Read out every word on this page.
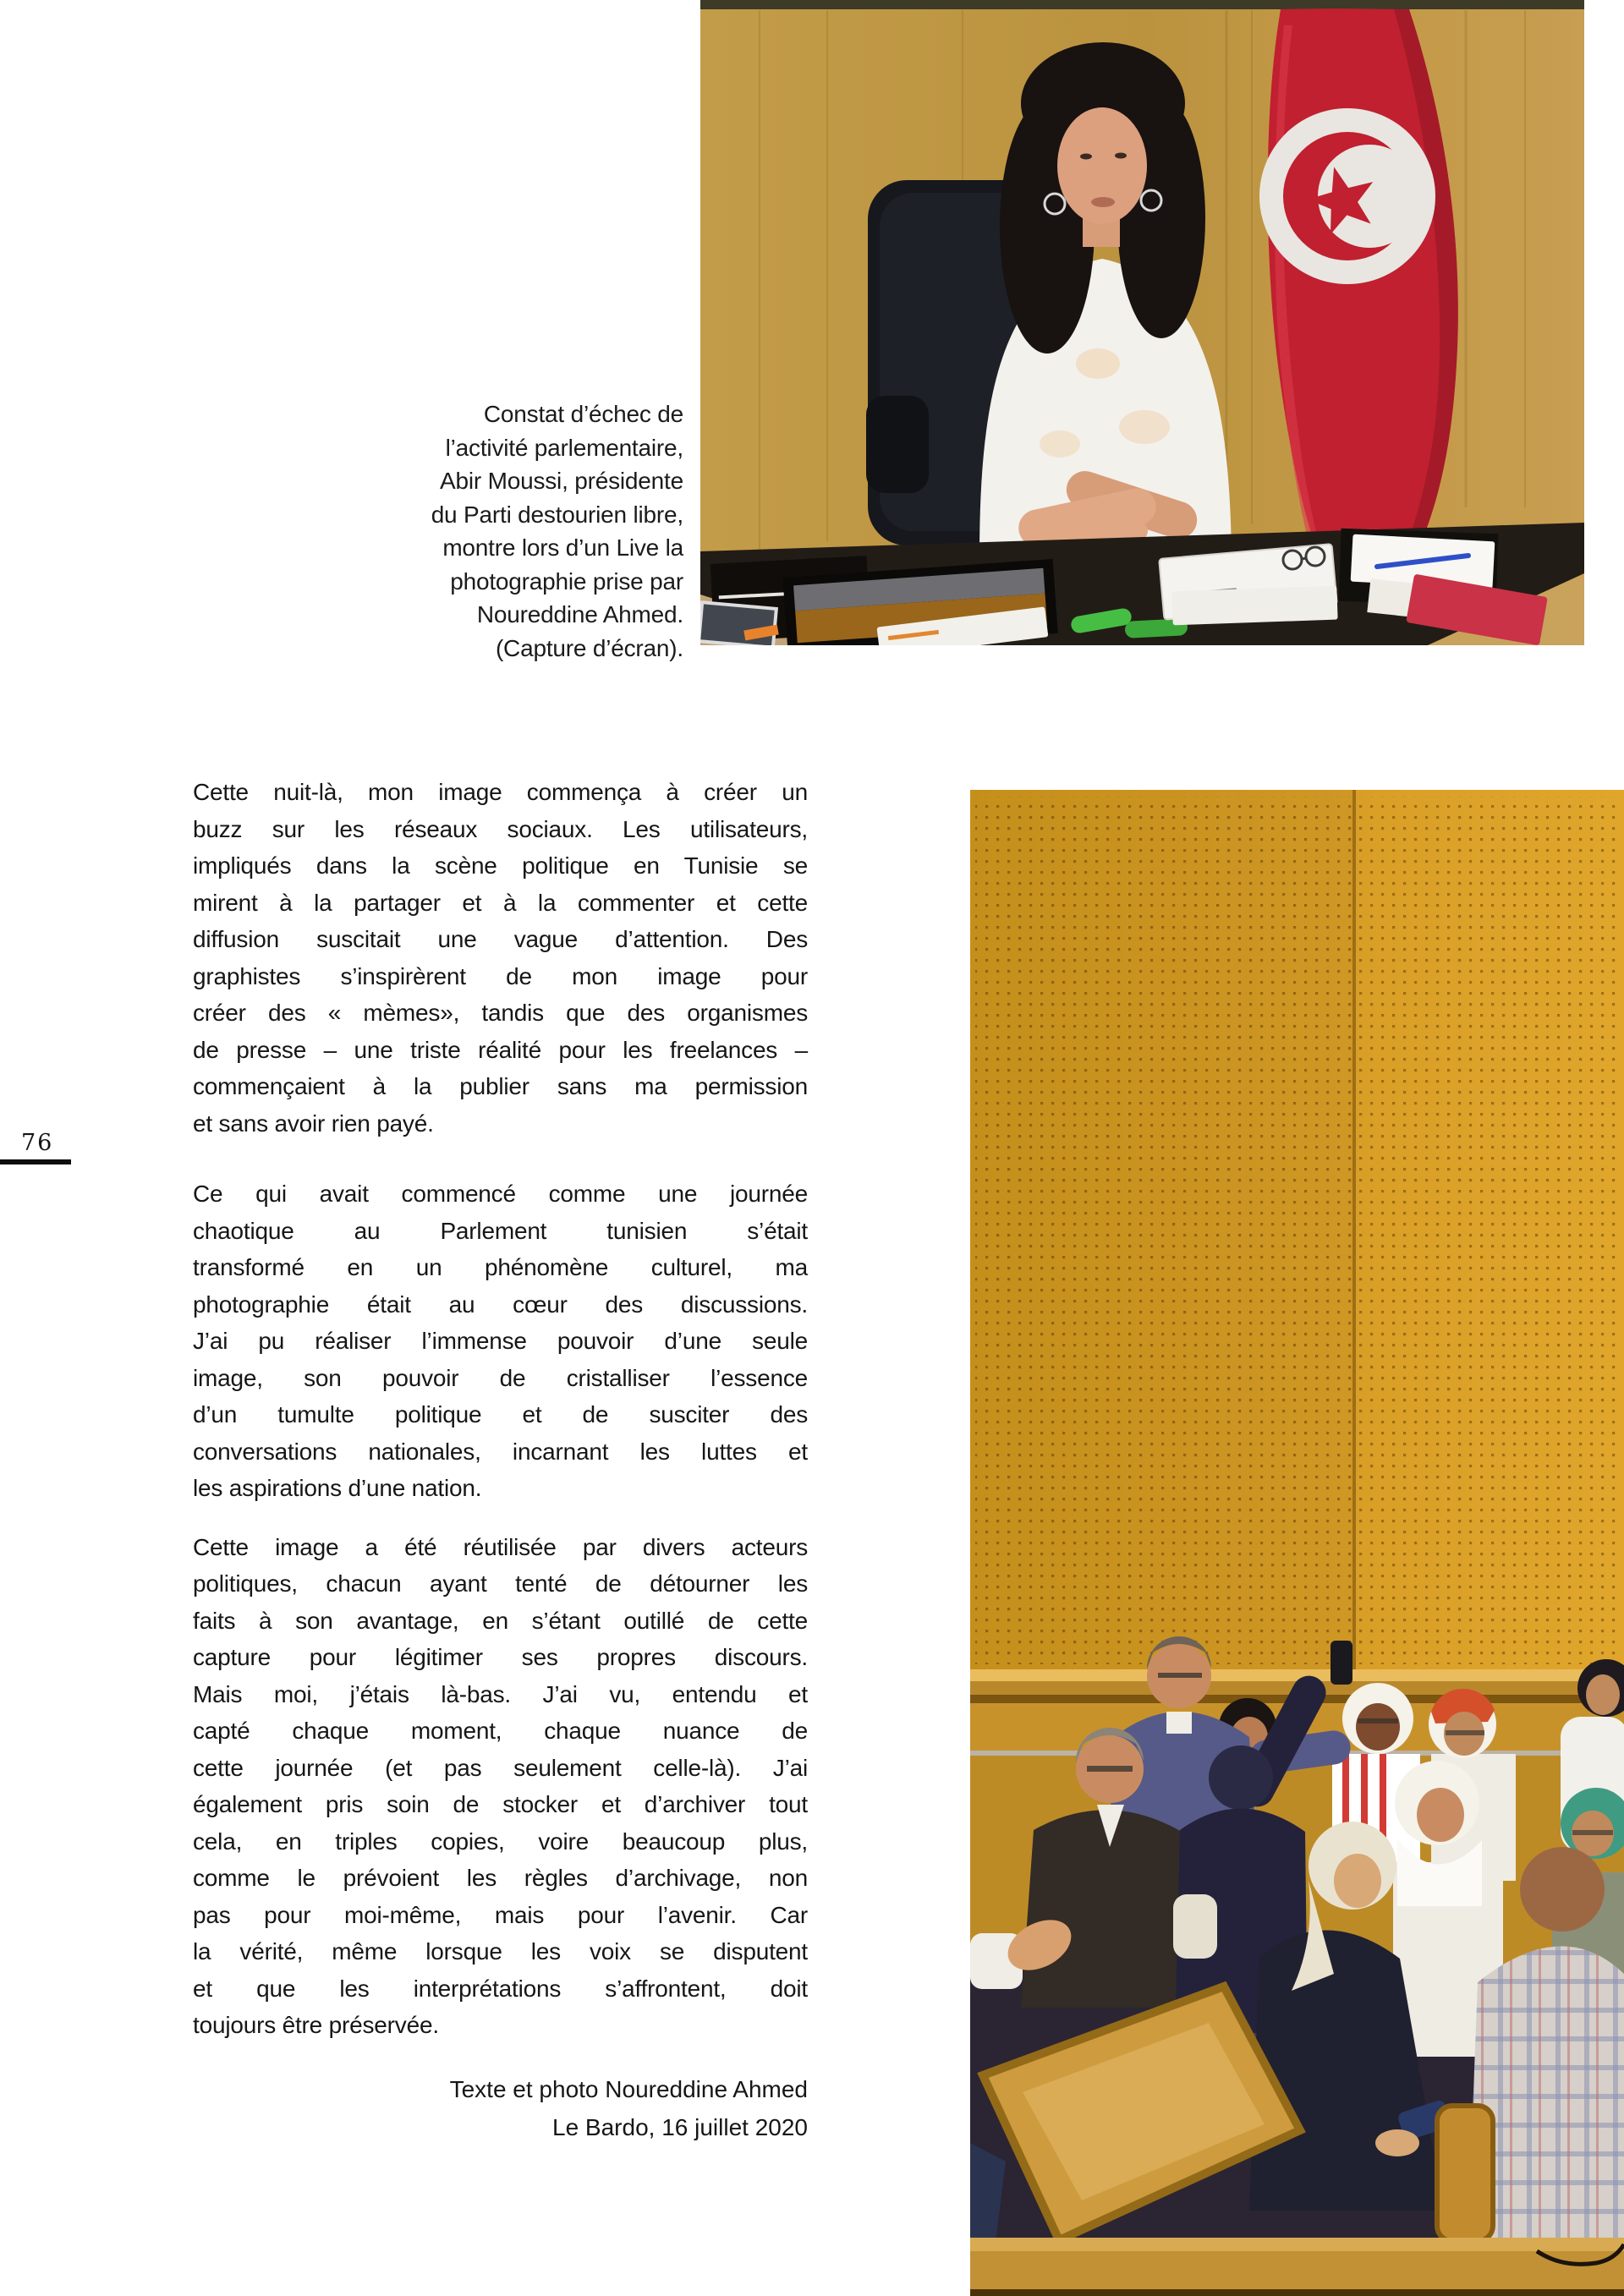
Constat d’échec de
l’activité parlementaire,
Abir Moussi, présidente
du Parti destourien libre,
montre lors d’un Live la
photographie prise par
Noureddine Ahmed.
(Capture d’écran).
76
Cette nuit-là, mon image commença à créer un
buzz sur les réseaux sociaux. Les utilisateurs,
impliqués dans la scène politique en Tunisie se
mirent à la partager et à la commenter et cette
diffusion suscitait une vague d’attention. Des
graphistes s’inspirèrent de mon image pour
créer des « mèmes», tandis que des organismes
de presse – une triste réalité pour les freelances –
commençaient à la publier sans ma permission
et sans avoir rien payé.
Ce qui avait commencé comme une journée
chaotique au Parlement tunisien s’était
transformé en un phénomène culturel, ma
photographie était au cœur des discussions.
J’ai pu réaliser l’immense pouvoir d’une seule
image, son pouvoir de cristalliser l’essence
d’un tumulte politique et de susciter des
conversations nationales, incarnant les luttes et
les aspirations d’une nation.
Cette image a été réutilisée par divers acteurs
politiques, chacun ayant tenté de détourner les
faits à son avantage, en s’étant outillé de cette
capture pour légitimer ses propres discours.
Mais moi, j’étais là-bas. J’ai vu, entendu et
capté chaque moment, chaque nuance de
cette journée (et pas seulement celle-là). J’ai
également pris soin de stocker et d’archiver tout
cela, en triples copies, voire beaucoup plus,
comme le prévoient les règles d’archivage, non
pas pour moi-même, mais pour l’avenir. Car
la vérité, même lorsque les voix se disputent
et que les interprétations s’affrontent, doit
toujours être préservée.
Texte et photo Noureddine Ahmed
Le Bardo, 16 juillet 2020
